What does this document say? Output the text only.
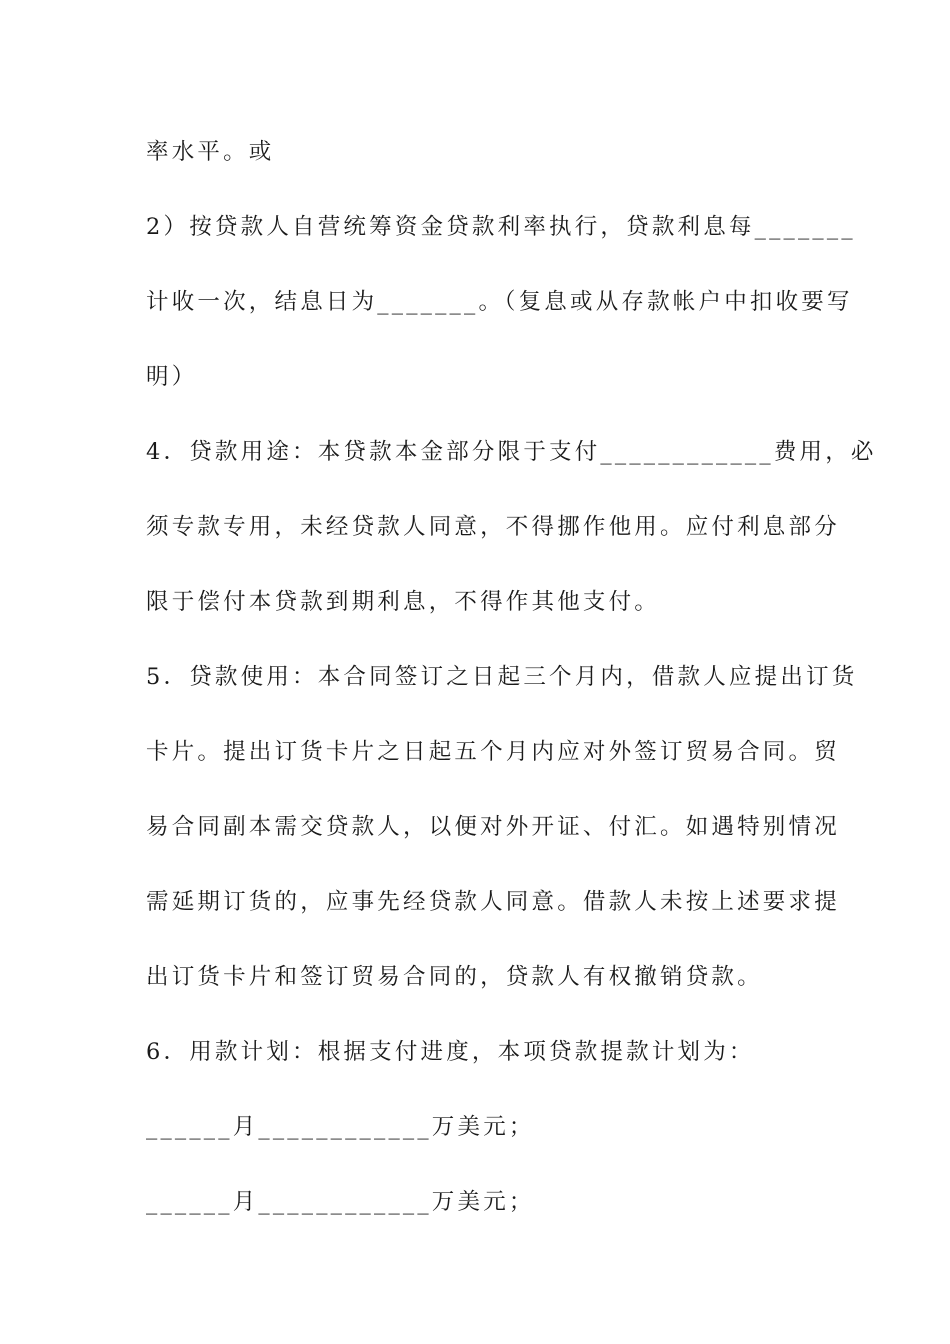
率水平。或
2）按贷款人自营统筹资金贷款利率执行，贷款利息每_______
计收一次，结息日为_______。（复息或从存款帐户中扣收要写
明）
4．贷款用途：本贷款本金部分限于支付____________费用，必
须专款专用，未经贷款人同意，不得挪作他用。应付利息部分
限于偿付本贷款到期利息，不得作其他支付。
5．贷款使用：本合同签订之日起三个月内，借款人应提出订货
卡片。提出订货卡片之日起五个月内应对外签订贸易合同。贸
易合同副本需交贷款人，以便对外开证、付汇。如遇特别情况
需延期订货的，应事先经贷款人同意。借款人未按上述要求提
出订货卡片和签订贸易合同的，贷款人有权撤销贷款。
6．用款计划：根据支付进度，本项贷款提款计划为：
______月____________万美元；
______月____________万美元；
